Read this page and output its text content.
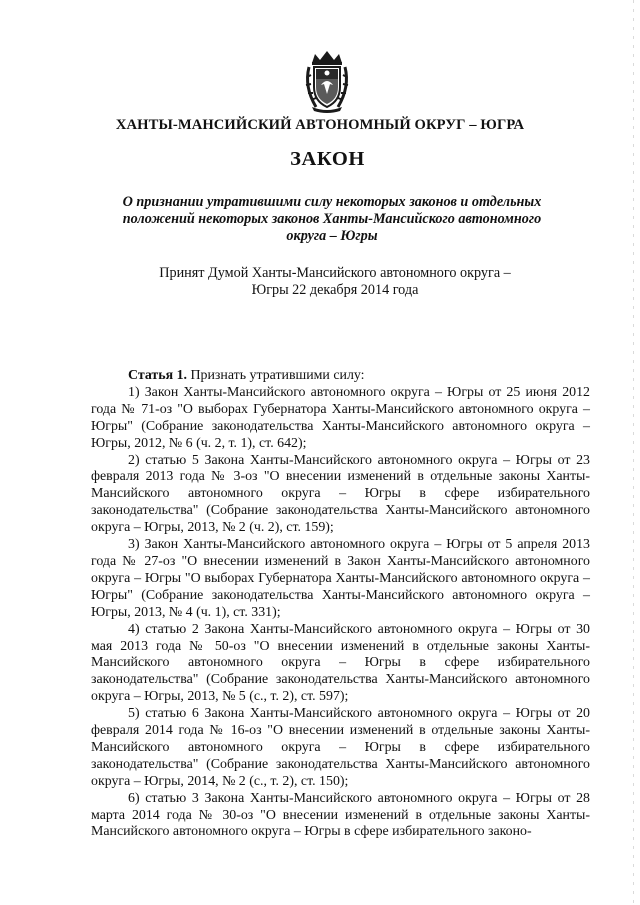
ХАНТЫ-МАНСИЙСКИЙ АВТОНОМНЫЙ ОКРУГ – ЮГРА
ЗАКОН
О признании утратившими силу некоторых законов и отдельных положений некоторых законов Ханты-Мансийского автономного округа – Югры
Принят Думой Ханты-Мансийского автономного округа – Югры 22 декабря 2014 года

Статья 1. Признать утратившими силу:

1) Закон Ханты-Мансийского автономного округа – Югры от 25 июня 2012 года № 71-оз "О выборах Губернатора Ханты-Мансийского автономного округа – Югры" (Собрание законодательства Ханты-Мансийского автономного округа – Югры, 2012, № 6 (ч. 2, т. 1), ст. 642);

2) статью 5 Закона Ханты-Мансийского автономного округа – Югры от 23 февраля 2013 года № 3-оз "О внесении изменений в отдельные законы Ханты-Мансийского автономного округа – Югры в сфере избирательного законодательства" (Собрание законодательства Ханты-Мансийского автономного округа – Югры, 2013, № 2 (ч. 2), ст. 159);

3) Закон Ханты-Мансийского автономного округа – Югры от 5 апреля 2013 года № 27-оз "О внесении изменений в Закон Ханты-Мансийского автономного округа – Югры "О выборах Губернатора Ханты-Мансийского автономного округа – Югры" (Собрание законодательства Ханты-Мансийского автономного округа – Югры, 2013, № 4 (ч. 1), ст. 331);

4) статью 2 Закона Ханты-Мансийского автономного округа – Югры от 30 мая 2013 года № 50-оз "О внесении изменений в отдельные законы Ханты-Мансийского автономного округа – Югры в сфере избирательного законодательства" (Собрание законодательства Ханты-Мансийского автономного округа – Югры, 2013, № 5 (с., т. 2), ст. 597);

5) статью 6 Закона Ханты-Мансийского автономного округа – Югры от 20 февраля 2014 года № 16-оз "О внесении изменений в отдельные законы Ханты-Мансийского автономного округа – Югры в сфере избирательного законодательства" (Собрание законодательства Ханты-Мансийского автономного округа – Югры, 2014, № 2 (с., т. 2), ст. 150);

6) статью 3 Закона Ханты-Мансийского автономного округа – Югры от 28 марта 2014 года № 30-оз "О внесении изменений в отдельные законы Ханты-Мансийского автономного округа – Югры в сфере избирательного законо-
